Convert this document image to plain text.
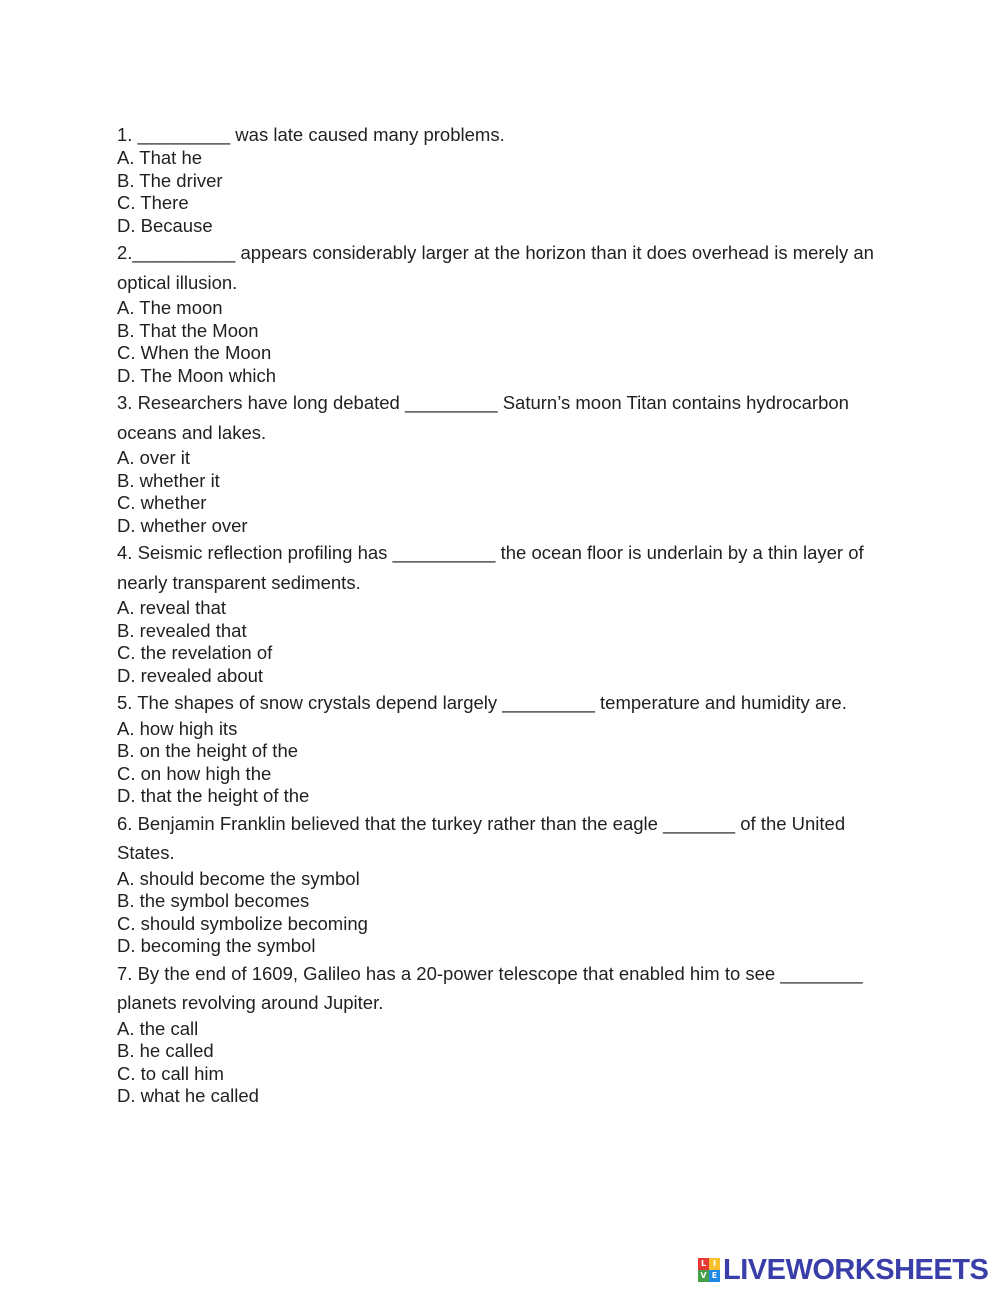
1. _________ was late caused many problems.

A. That he
B. The driver
C. There
D. Because

2.__________ appears considerably larger at the horizon than it does overhead is merely an optical illusion.

A. The moon
B. That the Moon
C. When the Moon
D. The Moon which

3. Researchers have long debated _________ Saturn’s moon Titan contains hydrocarbon oceans and lakes.

A. over it
B. whether it
C. whether
D. whether over

4. Seismic reflection profiling has __________ the ocean floor is underlain by a thin layer of nearly transparent sediments.

A. reveal that
B. revealed that
C. the revelation of
D. revealed about

5. The shapes of snow crystals depend largely _________ temperature and humidity are.

A. how high its
B. on the height of the
C. on how high the
D. that the height of the

6. Benjamin Franklin believed that the turkey rather than the eagle _______ of the United States.

A. should become the symbol
B. the symbol becomes
C. should symbolize becoming
D. becoming the symbol

7. By the end of 1609, Galileo has a 20-power telescope that enabled him to see ________ planets revolving around Jupiter.

A. the call
B. he called
C. to call him
D. what he called
L I
V E LIVEWORKSHEETS
